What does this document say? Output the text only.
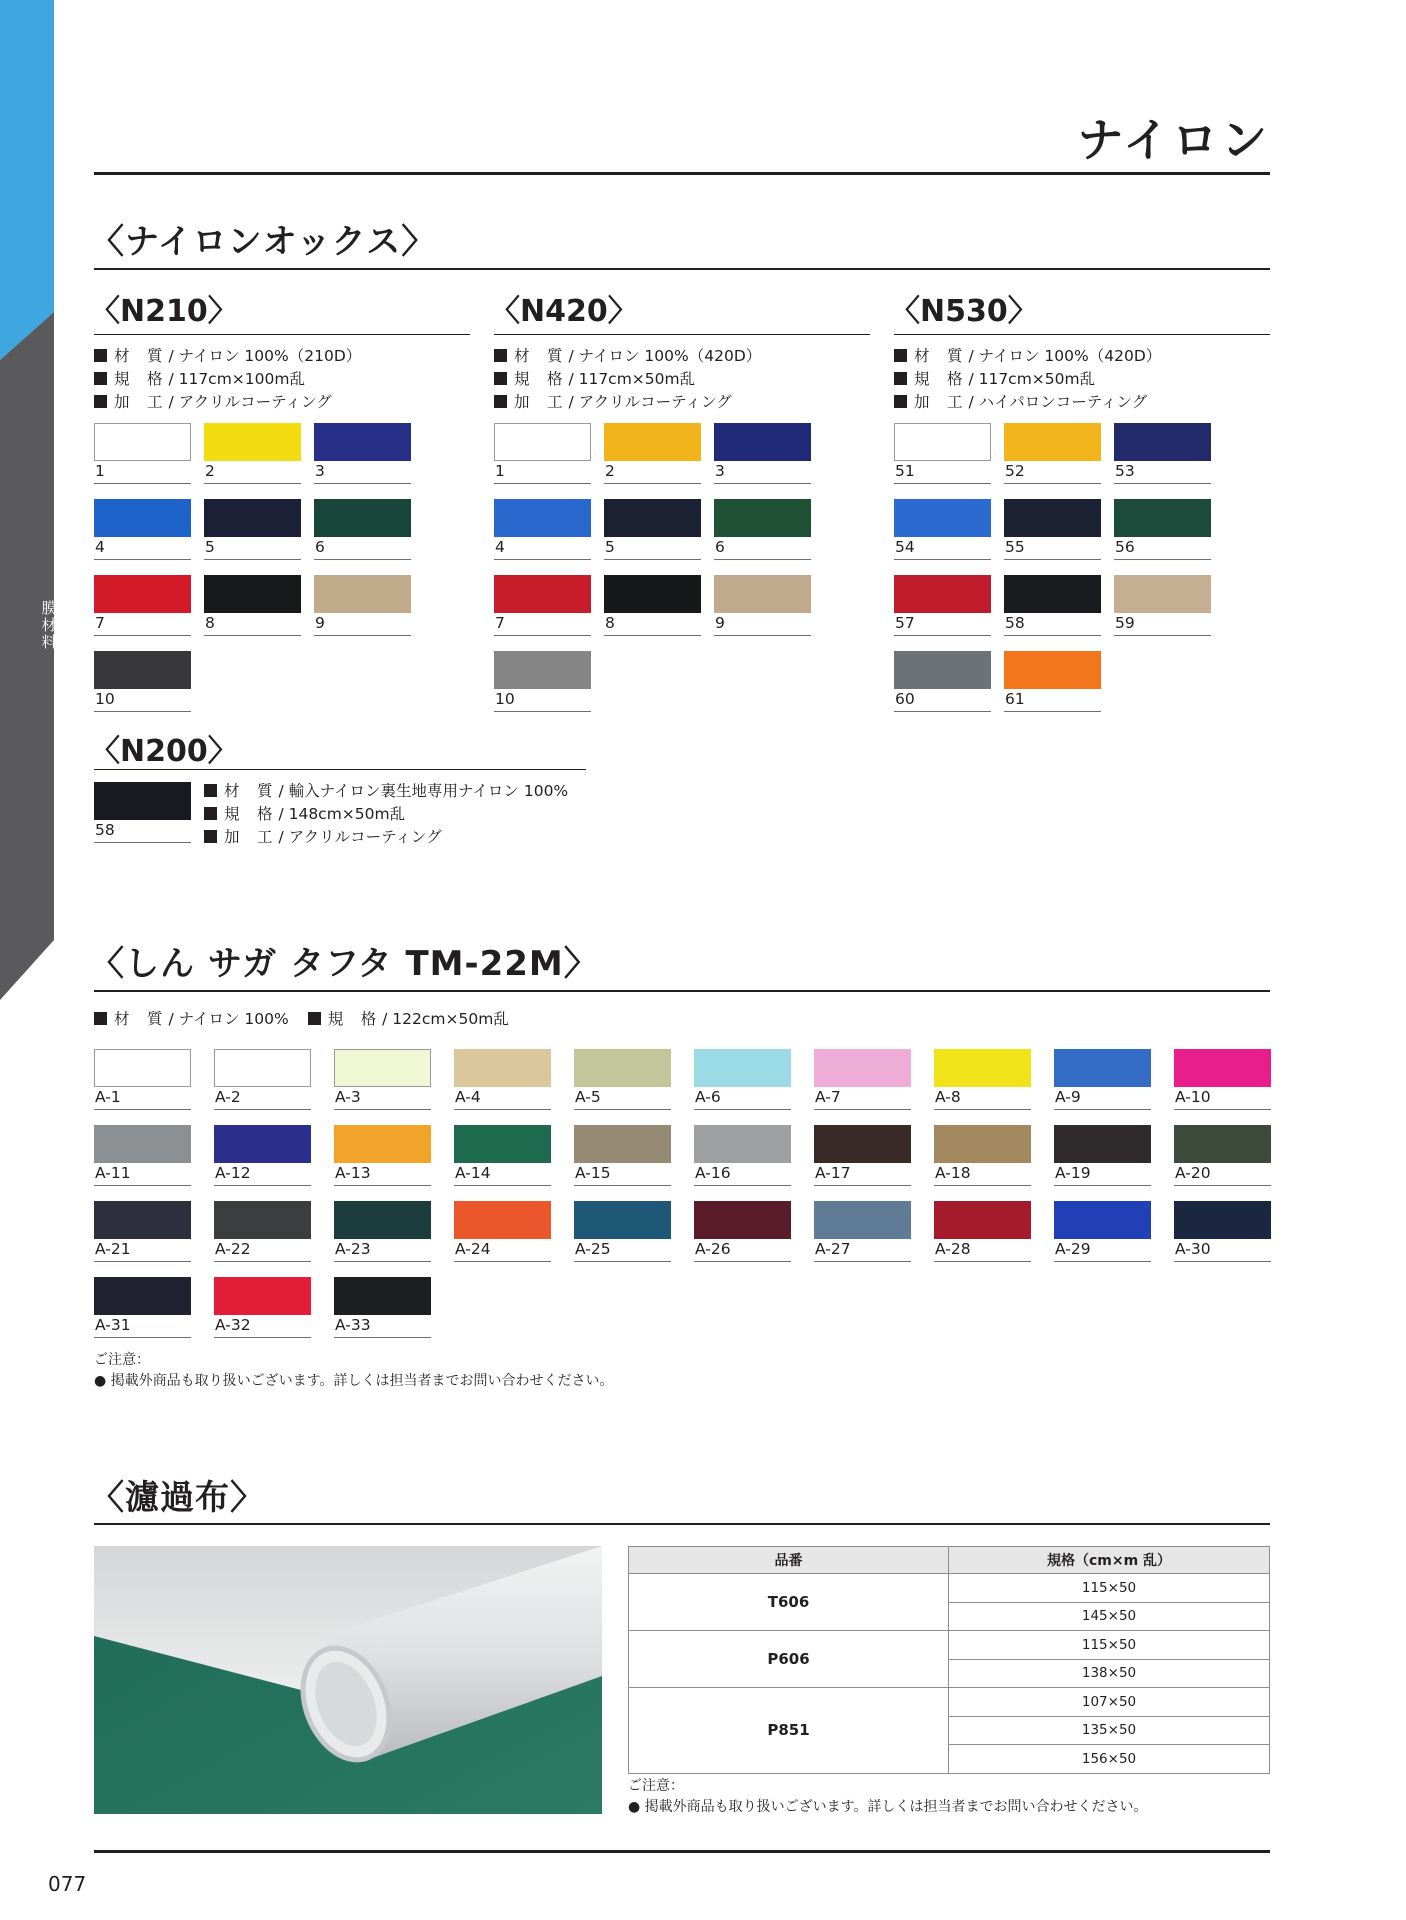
膜
材
料
ナイロン
〈ナイロンオックス〉
〈N210〉
材　質 / ナイロン 100%（210D）
規　格 / 117cm×100m乱
加　工 / アクリルコーティング
1	2	3
4	5	6
7	8	9
10
〈N420〉
材　質 / ナイロン 100%（420D）
規　格 / 117cm×50m乱
加　工 / アクリルコーティング
1	2	3
4	5	6
7	8	9
10
〈N530〉
材　質 / ナイロン 100%（420D）
規　格 / 117cm×50m乱
加　工 / ハイパロンコーティング
51	52	53
54	55	56
57	58	59
60	61
〈N200〉
58
材　質 / 輸入ナイロン裏生地専用ナイロン 100%
規　格 / 148cm×50m乱
加　工 / アクリルコーティング
〈しん サガ タフタ TM-22M〉
材　質 / ナイロン 100%	規　格 / 122cm×50m乱
A-1	A-2	A-3	A-4	A-5	A-6	A-7	A-8	A-9	A-10
A-11	A-12	A-13	A-14	A-15	A-16	A-17	A-18	A-19	A-20
A-21	A-22	A-23	A-24	A-25	A-26	A-27	A-28	A-29	A-30
A-31	A-32	A-33
ご注意：
● 掲載外商品も取り扱いございます。詳しくは担当者までお問い合わせください。
〈濾過布〉
品番	規格（cm×m 乱）
T606	115×50
	145×50
P606	115×50
	138×50
P851	107×50
	135×50
	156×50
ご注意：
● 掲載外商品も取り扱いございます。詳しくは担当者までお問い合わせください。
077
